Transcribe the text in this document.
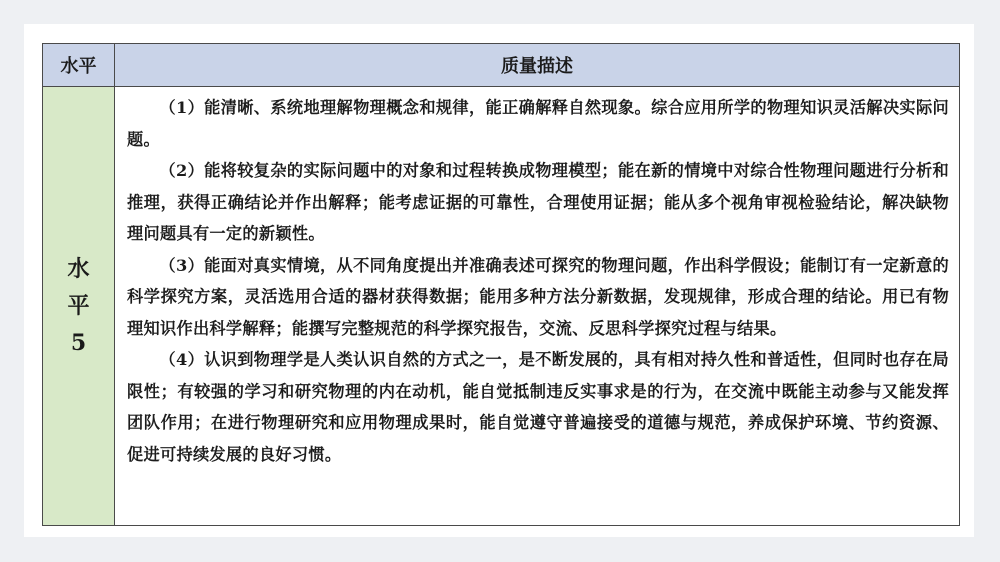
水平	质量描述
水
平
5

（1）能清晰、系统地理解物理概念和规律，能正确解释自然现象。综合应用所学的物理知识灵活解决实际问题。

（2）能将较复杂的实际问题中的对象和过程转换成物理模型；能在新的情境中对综合性物理问题进行分析和推理，获得正确结论并作出解释；能考虑证据的可靠性，合理使用证据；能从多个视角审视检验结论，解决缺物理问题具有一定的新颖性。

（3）能面对真实情境，从不同角度提出并准确表述可探究的物理问题，作出科学假设；能制订有一定新意的科学探究方案，灵活选用合适的器材获得数据；能用多种方法分新数据，发现规律，形成合理的结论。用已有物理知识作出科学解释；能撰写完整规范的科学探究报告，交流、反思科学探究过程与结果。

（4）认识到物理学是人类认识自然的方式之一，是不断发展的，具有相对持久性和普适性，但同时也存在局限性；有较强的学习和研究物理的内在动机，能自觉抵制违反实事求是的行为，在交流中既能主动参与又能发挥团队作用；在进行物理研究和应用物理成果时，能自觉遵守普遍接受的道德与规范，养成保护环境、节约资源、促进可持续发展的良好习惯。
